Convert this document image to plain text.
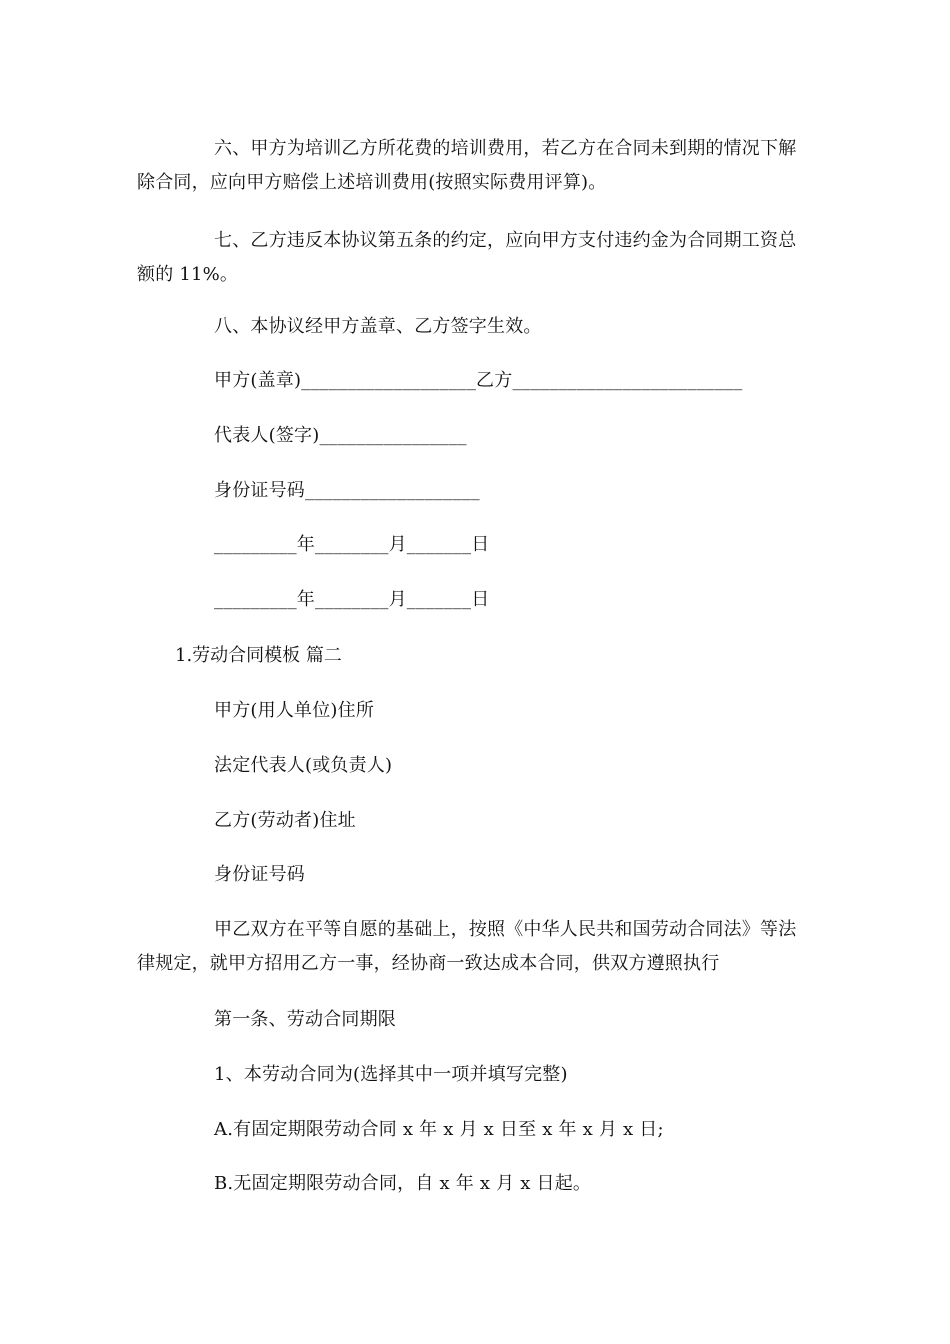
六、甲方为培训乙方所花费的培训费用，若乙方在合同未到期的情况下解除合同，应向甲方赔偿上述培训费用(按照实际费用评算)。

七、乙方违反本协议第五条的约定，应向甲方支付违约金为合同期工资总额的 11%。

八、本协议经甲方盖章、乙方签字生效。

甲方(盖章)___________________乙方_________________________

代表人(签字)________________

身份证号码___________________

_________年________月_______日

_________年________月_______日

1.劳动合同模板 篇二

甲方(用人单位)住所

法定代表人(或负责人)

乙方(劳动者)住址

身份证号码

甲乙双方在平等自愿的基础上，按照《中华人民共和国劳动合同法》等法律规定，就甲方招用乙方一事，经协商一致达成本合同，供双方遵照执行

第一条、劳动合同期限

1、本劳动合同为(选择其中一项并填写完整)

A.有固定期限劳动合同 x 年 x 月 x 日至 x 年 x 月 x 日;

B.无固定期限劳动合同，自 x 年 x 月 x 日起。
